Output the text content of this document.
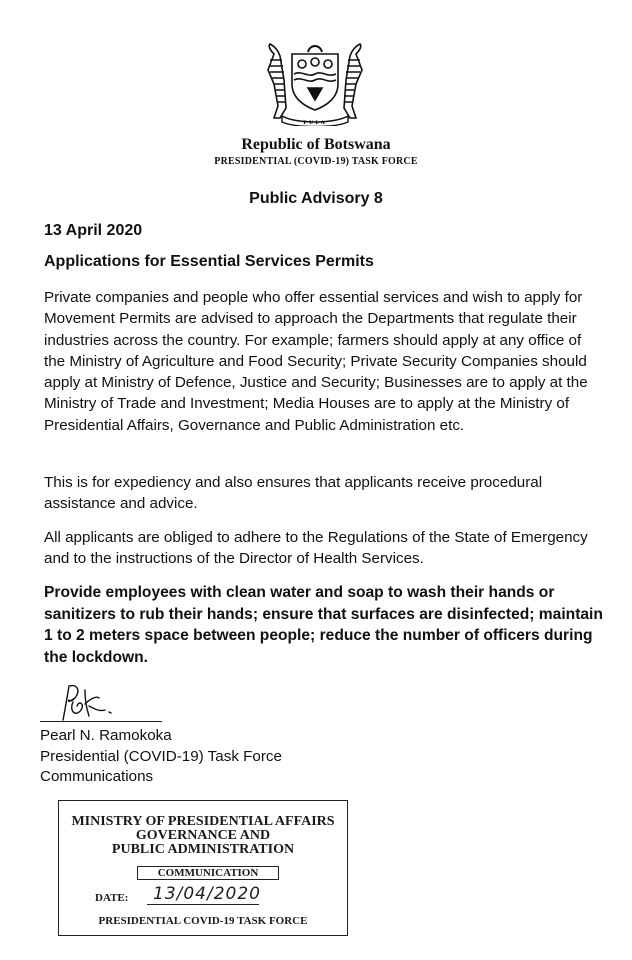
PULA
Republic of Botswana
PRESIDENTIAL (COVID-19) TASK FORCE
Public Advisory 8
13 April 2020
Applications for Essential Services Permits
Private companies and people who offer essential services and wish to apply for Movement Permits are advised to approach the Departments that regulate their industries across the country. For example; farmers should apply at any office of the Ministry of Agriculture and Food Security; Private Security Companies should apply at Ministry of Defence, Justice and Security; Businesses are to apply at the Ministry of Trade and Investment; Media Houses are to apply at the Ministry of Presidential Affairs, Governance and Public Administration etc.
This is for expediency and also ensures that applicants receive procedural assistance and advice.
All applicants are obliged to adhere to the Regulations of the State of Emergency and to the instructions of the Director of Health Services.
Provide employees with clean water and soap to wash their hands or sanitizers to rub their hands; ensure that surfaces are disinfected; maintain 1 to 2 meters space between people; reduce the number of officers during the lockdown.
Pearl N. Ramokoka
Presidential (COVID-19) Task Force
Communications
MINISTRY OF PRESIDENTIAL AFFAIRS
GOVERNANCE AND
PUBLIC ADMINISTRATION
COMMUNICATION
DATE: 13/04/2020
PRESIDENTIAL COVID-19 TASK FORCE
